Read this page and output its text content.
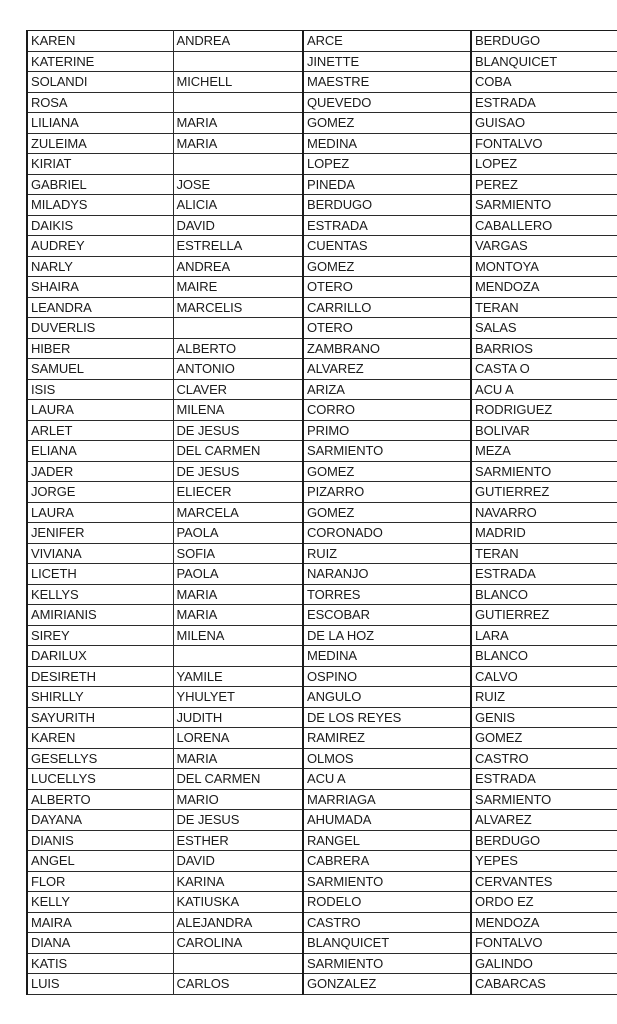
KAREN	ANDREA	ARCE	BERDUGO
KATERINE		JINETTE	BLANQUICET
SOLANDI	MICHELL	MAESTRE	COBA
ROSA		QUEVEDO	ESTRADA
LILIANA	MARIA	GOMEZ	GUISAO
ZULEIMA	MARIA	MEDINA	FONTALVO
KIRIAT		LOPEZ	LOPEZ
GABRIEL	JOSE	PINEDA	PEREZ
MILADYS	ALICIA	BERDUGO	SARMIENTO
DAIKIS	DAVID	ESTRADA	CABALLERO
AUDREY	ESTRELLA	CUENTAS	VARGAS
NARLY	ANDREA	GOMEZ	MONTOYA
SHAIRA	MAIRE	OTERO	MENDOZA
LEANDRA	MARCELIS	CARRILLO	TERAN
DUVERLIS		OTERO	SALAS
HIBER	ALBERTO	ZAMBRANO	BARRIOS
SAMUEL	ANTONIO	ALVAREZ	CASTA O
ISIS	CLAVER	ARIZA	ACU A
LAURA	MILENA	CORRO	RODRIGUEZ
ARLET	DE JESUS	PRIMO	BOLIVAR
ELIANA	DEL CARMEN	SARMIENTO	MEZA
JADER	DE JESUS	GOMEZ	SARMIENTO
JORGE	ELIECER	PIZARRO	GUTIERREZ
LAURA	MARCELA	GOMEZ	NAVARRO
JENIFER	PAOLA	CORONADO	MADRID
VIVIANA	SOFIA	RUIZ	TERAN
LICETH	PAOLA	NARANJO	ESTRADA
KELLYS	MARIA	TORRES	BLANCO
AMIRIANIS	MARIA	ESCOBAR	GUTIERREZ
SIREY	MILENA	DE LA HOZ	LARA
DARILUX		MEDINA	BLANCO
DESIRETH	YAMILE	OSPINO	CALVO
SHIRLLY	YHULYET	ANGULO	RUIZ
SAYURITH	JUDITH	DE LOS REYES	GENIS
KAREN	LORENA	RAMIREZ	GOMEZ
GESELLYS	MARIA	OLMOS	CASTRO
LUCELLYS	DEL CARMEN	ACU A	ESTRADA
ALBERTO	MARIO	MARRIAGA	SARMIENTO
DAYANA	DE JESUS	AHUMADA	ALVAREZ
DIANIS	ESTHER	RANGEL	BERDUGO
ANGEL	DAVID	CABRERA	YEPES
FLOR	KARINA	SARMIENTO	CERVANTES
KELLY	KATIUSKA	RODELO	ORDO EZ
MAIRA	ALEJANDRA	CASTRO	MENDOZA
DIANA	CAROLINA	BLANQUICET	FONTALVO
KATIS		SARMIENTO	GALINDO
LUIS	CARLOS	GONZALEZ	CABARCAS
